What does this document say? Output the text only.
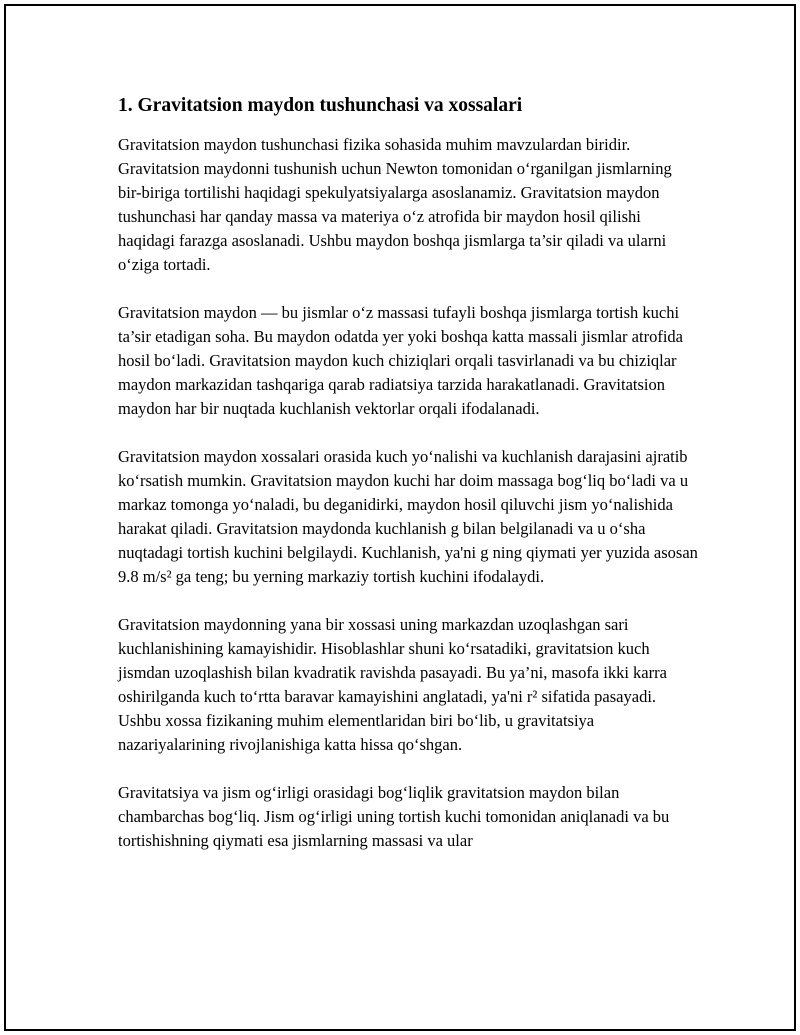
1. Gravitatsion maydon tushunchasi va xossalari

Gravitatsion maydon tushunchasi fizika sohasida muhim mavzulardan biridir. Gravitatsion maydonni tushunish uchun Newton tomonidan o‘rganilgan jismlarning bir-biriga tortilishi haqidagi spekulyatsiyalarga asoslanamiz. Gravitatsion maydon tushunchasi har qanday massa va materiya o‘z atrofida bir maydon hosil qilishi haqidagi farazga asoslanadi. Ushbu maydon boshqa jismlarga ta’sir qiladi va ularni o‘ziga tortadi.

Gravitatsion maydon — bu jismlar o‘z massasi tufayli boshqa jismlarga tortish kuchi ta’sir etadigan soha. Bu maydon odatda yer yoki boshqa katta massali jismlar atrofida hosil bo‘ladi. Gravitatsion maydon kuch chiziqlari orqali tasvirlanadi va bu chiziqlar maydon markazidan tashqariga qarab radiatsiya tarzida harakatlanadi. Gravitatsion maydon har bir nuqtada kuchlanish vektorlar orqali ifodalanadi.

Gravitatsion maydon xossalari orasida kuch yo‘nalishi va kuchlanish darajasini ajratib ko‘rsatish mumkin. Gravitatsion maydon kuchi har doim massaga bog‘liq bo‘ladi va u markaz tomonga yo‘naladi, bu deganidirki, maydon hosil qiluvchi jism yo‘nalishida harakat qiladi. Gravitatsion maydonda kuchlanish g bilan belgilanadi va u o‘sha nuqtadagi tortish kuchini belgilaydi. Kuchlanish, ya'ni g ning qiymati yer yuzida asosan 9.8 m/s² ga teng; bu yerning markaziy tortish kuchini ifodalaydi.

Gravitatsion maydonning yana bir xossasi uning markazdan uzoqlashgan sari kuchlanishining kamayishidir. Hisoblashlar shuni ko‘rsatadiki, gravitatsion kuch jismdan uzoqlashish bilan kvadratik ravishda pasayadi. Bu ya’ni, masofa ikki karra oshirilganda kuch to‘rtta baravar kamayishini anglatadi, ya'ni r² sifatida pasayadi. Ushbu xossa fizikaning muhim elementlaridan biri bo‘lib, u gravitatsiya nazariyalarining rivojlanishiga katta hissa qo‘shgan.

Gravitatsiya va jism og‘irligi orasidagi bog‘liqlik gravitatsion maydon bilan chambarchas bog‘liq. Jism og‘irligi uning tortish kuchi tomonidan aniqlanadi va bu tortishishning qiymati esa jismlarning massasi va ular
